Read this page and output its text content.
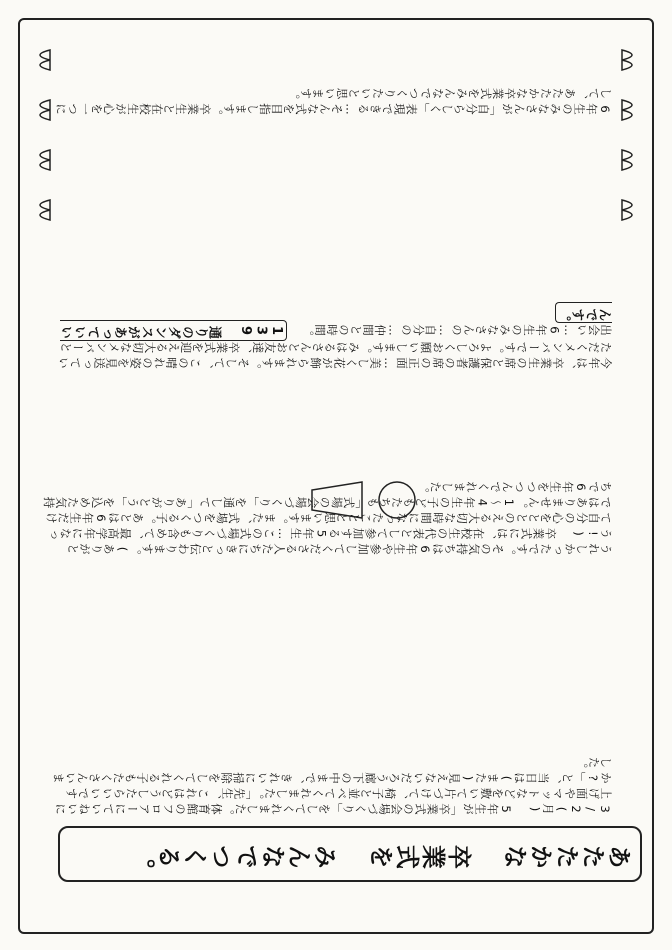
あたたかな 卒業式を みんなでつくる。
3/2(月) 5年生が「卒業式の会場づくり」をしてくれました。体育館のフロアーにていねいに上げ面やマットなどを敷いて片づけて、椅子と並べてくれました。「先生、これはどうしたらいいですか?」と、当日は(また)見えないだろう廊下の中まで、きれいに掃除をしてくれる子もたくさんいました。
うれしかったです。その気持ちは6年生や参加してくださる人たちにきっと伝わります。(ありがとう!) 卒業式には、在校生の代表として参加する5年生…この式場づくりも含めて、最高学年になって自分の心をととのえる大切な時間になったことと思います。また、式場をつくる子。あとは6年生だけではありません。1〜4年生の子どもたちも「式場の会場づくり」を通して「ありがとう」を込めた気持ちで6年生をつつんでくれました。
今年は、卒業生の席と保護者の席の正面…美しく花が飾られます。そして、この晴れの姿を見送っていただくメンバーです。よろしくお願いします。みはるさんとお友達、卒業式を迎える大切なメンバーと出会い…6年生のみなさんの…自分の…仲間との時間。 139 通りのダンスがあっていいんです。
6年生のみなさんが「自分らしく」表現できる…そんな式を目指します。卒業生と在校生が心を一つにして、あたたかな卒業式をみんなでつくりたいと思います。
